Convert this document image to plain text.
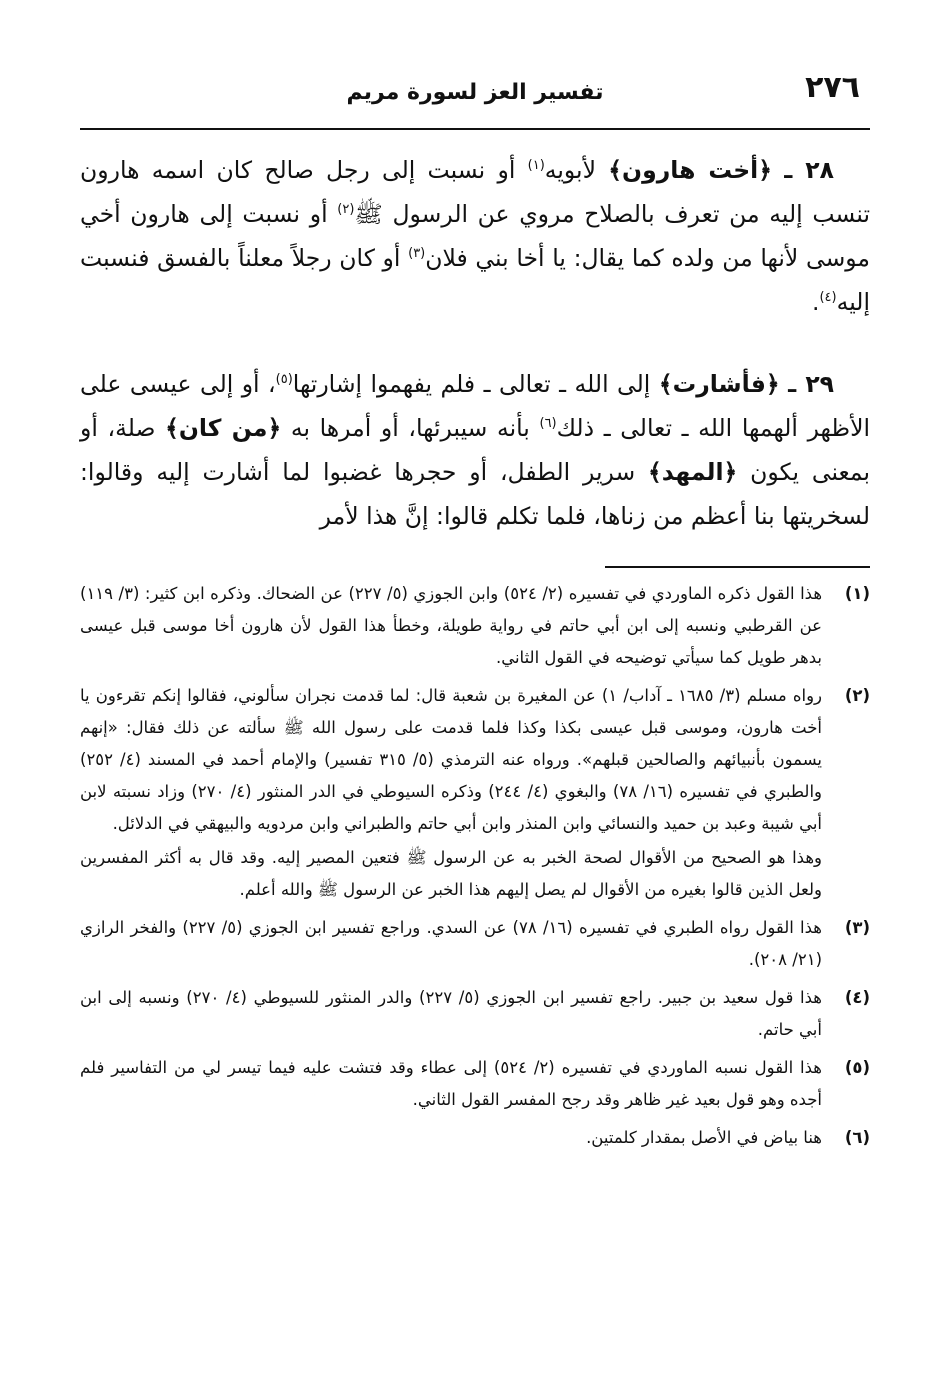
٢٧٦
تفسير العز لسورة مريم

٢٨ ـ ﴿أخت هارون﴾ لأبويه$^{(١)}$ أو نسبت إلى رجل صالح كان اسمه هارون تنسب إليه من تعرف بالصلاح مروي عن الرسول ﷺ$^{(٢)}$ أو نسبت إلى هارون أخي موسى لأنها من ولده كما يقال: يا أخا بني فلان$^{(٣)}$ أو كان رجلاً معلناً بالفسق فنسبت إليه$^{(٤)}$.

٢٩ ـ ﴿فأشارت﴾ إلى الله ـ تعالى ـ فلم يفهموا إشارتها$^{(٥)}$، أو إلى عيسى على الأظهر ألهمها الله ـ تعالى ـ ذلك$^{(٦)}$ بأنه سيبرئها، أو أمرها به ﴿من كان﴾ صلة، أو بمعنى يكون ﴿المهد﴾ سرير الطفل، أو حجرها غضبوا لما أشارت إليه وقالوا: لسخريتها بنا أعظم من زناها، فلما تكلم قالوا: إنَّ هذا لأمر

(١)

هذا القول ذكره الماوردي في تفسيره (٢/ ٥٢٤) وابن الجوزي (٥/ ٢٢٧) عن الضحاك. وذكره ابن كثير: (٣/ ١١٩) عن القرطبي ونسبه إلى ابن أبي حاتم في رواية طويلة، وخطأ هذا القول لأن هارون أخا موسى قبل عيسى بدهر طويل كما سيأتي توضيحه في القول الثاني.

(٢)

رواه مسلم (٣/ ١٦٨٥ ـ آداب/ ١) عن المغيرة بن شعبة قال: لما قدمت نجران سألوني، فقالوا إنكم تقرءون يا أخت هارون، وموسى قبل عيسى بكذا وكذا فلما قدمت على رسول الله ﷺ سألته عن ذلك فقال: «إنهم يسمون بأنبيائهم والصالحين قبلهم». ورواه عنه الترمذي (٥/ ٣١٥ تفسير) والإمام أحمد في المسند (٤/ ٢٥٢) والطبري في تفسيره (١٦/ ٧٨) والبغوي (٤/ ٢٤٤) وذكره السيوطي في الدر المنثور (٤/ ٢٧٠) وزاد نسبته لابن أبي شيبة وعبد بن حميد والنسائي وابن المنذر وابن أبي حاتم والطبراني وابن مردويه والبيهقي في الدلائل.

وهذا هو الصحيح من الأقوال لصحة الخبر به عن الرسول ﷺ فتعين المصير إليه. وقد قال به أكثر المفسرين ولعل الذين قالوا بغيره من الأقوال لم يصل إليهم هذا الخبر عن الرسول ﷺ والله أعلم.

(٣)

هذا القول رواه الطبري في تفسيره (١٦/ ٧٨) عن السدي. وراجع تفسير ابن الجوزي (٥/ ٢٢٧) والفخر الرازي (٢١/ ٢٠٨).

(٤)

هذا قول سعيد بن جبير. راجع تفسير ابن الجوزي (٥/ ٢٢٧) والدر المنثور للسيوطي (٤/ ٢٧٠) ونسبه إلى ابن أبي حاتم.

(٥)

هذا القول نسبه الماوردي في تفسيره (٢/ ٥٢٤) إلى عطاء وقد فتشت عليه فيما تيسر لي من التفاسير فلم أجده وهو قول بعيد غير ظاهر وقد رجح المفسر القول الثاني.

(٦)

هنا بياض في الأصل بمقدار كلمتين.
